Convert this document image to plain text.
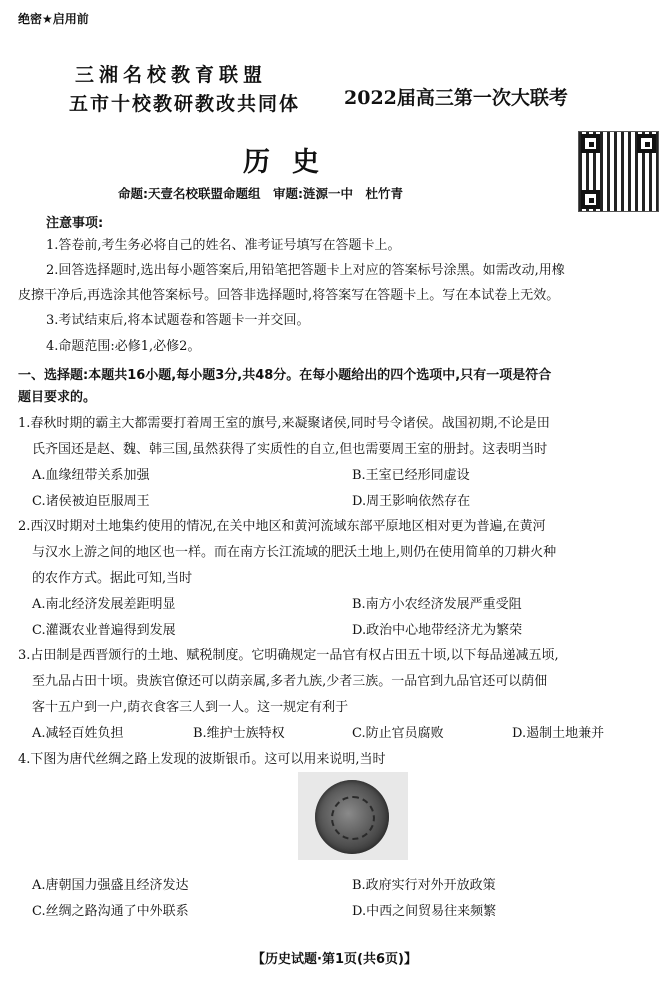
绝密★启用前
三湘名校教育联盟
五市十校教研教改共同体 2022届高三第一次大联考
历史
命题:天壹名校联盟命题组　审题:涟源一中　杜竹青
注意事项:
1.答卷前,考生务必将自己的姓名、准考证号填写在答题卡上。
2.回答选择题时,选出每小题答案后,用铅笔把答题卡上对应的答案标号涂黑。如需改动,用橡
皮擦干净后,再选涂其他答案标号。回答非选择题时,将答案写在答题卡上。写在本试卷上无效。
3.考试结束后,将本试题卷和答题卡一并交回。
4.命题范围:必修1,必修2。
一、选择题:本题共16小题,每小题3分,共48分。在每小题给出的四个选项中,只有一项是符合
题目要求的。
1.春秋时期的霸主大都需要打着周王室的旗号,来凝聚诸侯,同时号令诸侯。战国初期,不论是田
氏齐国还是赵、魏、韩三国,虽然获得了实质性的自立,但也需要周王室的册封。这表明当时
A.血缘纽带关系加强	B.王室已经形同虚设
C.诸侯被迫臣服周王	D.周王影响依然存在
2.西汉时期对土地集约使用的情况,在关中地区和黄河流域东部平原地区相对更为普遍,在黄河
与汉水上游之间的地区也一样。而在南方长江流域的肥沃土地上,则仍在使用简单的刀耕火种
的农作方式。据此可知,当时
A.南北经济发展差距明显	B.南方小农经济发展严重受阻
C.灌溉农业普遍得到发展	D.政治中心地带经济尤为繁荣
3.占田制是西晋颁行的土地、赋税制度。它明确规定一品官有权占田五十顷,以下每品递减五顷,
至九品占田十顷。贵族官僚还可以荫亲属,多者九族,少者三族。一品官到九品官还可以荫佃
客十五户到一户,荫衣食客三人到一人。这一规定有利于
A.减轻百姓负担	B.维护士族特权	C.防止官员腐败	D.遏制土地兼并
4.下图为唐代丝绸之路上发现的波斯银币。这可以用来说明,当时
A.唐朝国力强盛且经济发达	B.政府实行对外开放政策
C.丝绸之路沟通了中外联系	D.中西之间贸易往来频繁
【历史试题·第1页(共6页)】
